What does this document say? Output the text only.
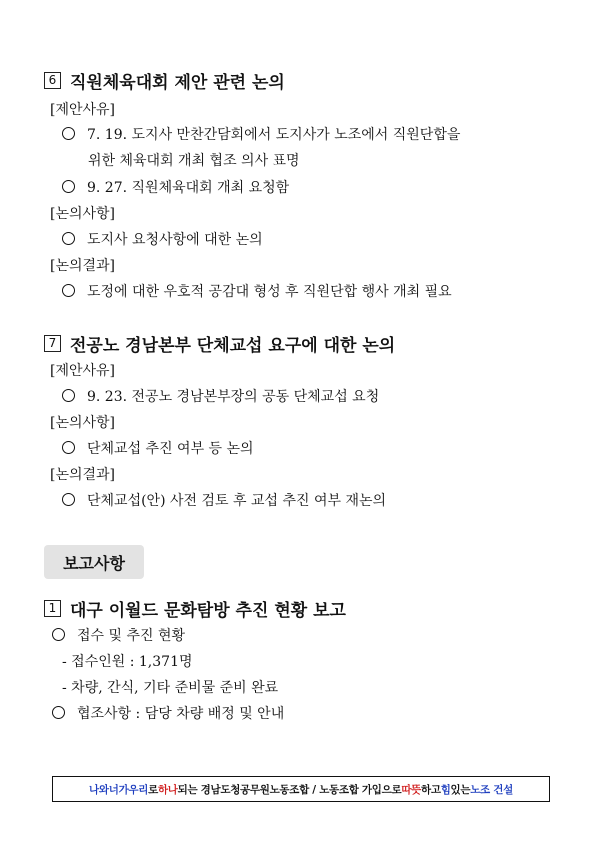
6 직원체육대회 제안 관련 논의
[제안사유]
7. 19. 도지사 만찬간담회에서 도지사가 노조에서 직원단합을
위한 체육대회 개최 협조 의사 표명
9. 27. 직원체육대회 개최 요청함
[논의사항]
도지사 요청사항에 대한 논의
[논의결과]
도정에 대한 우호적 공감대 형성 후 직원단합 행사 개최 필요
7 전공노 경남본부 단체교섭 요구에 대한 논의
[제안사유]
9. 23. 전공노 경남본부장의 공동 단체교섭 요청
[논의사항]
단체교섭 추진 여부 등 논의
[논의결과]
단체교섭(안) 사전 검토 후 교섭 추진 여부 재논의
보고사항
1 대구 이월드 문화탐방 추진 현황 보고
접수 및 추진 현황
- 접수인원 : 1,371명
- 차량, 간식, 기타 준비물 준비 완료
협조사항 : 담당 차량 배정 및 안내
나와 너가 우리 로 하나 되는 경남도청공무원노동조합 / 노동조합 가입으로 따뜻 하고 힘 있는 노조 건설
